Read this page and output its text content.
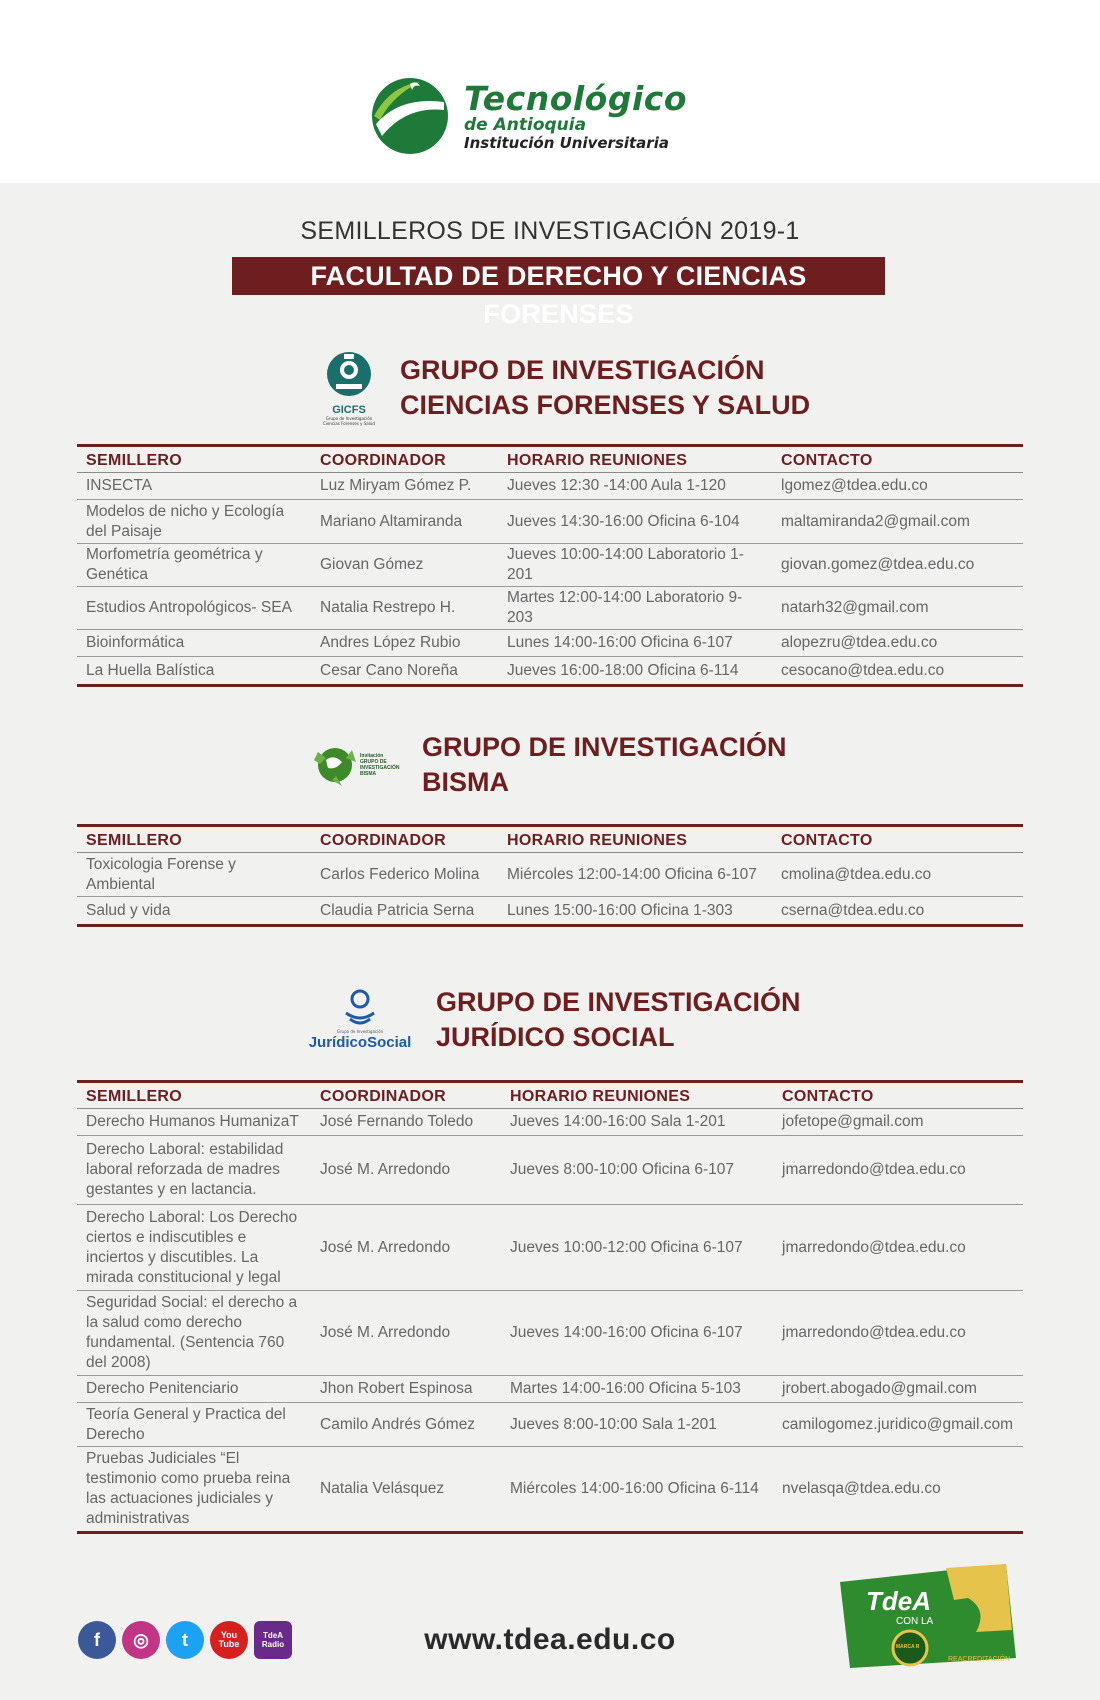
Tecnológico
de Antioquia
Institución Universitaria
SEMILLEROS DE INVESTIGACIÓN 2019-1
FACULTAD DE DERECHO Y CIENCIAS FORENSES
GICFS
Grupo de Investigación Ciencias Forenses y Salud
GRUPO DE INVESTIGACIÓN
CIENCIAS FORENSES Y SALUD
SEMILLERO	COORDINADOR	HORARIO REUNIONES	CONTACTO
INSECTA	Luz Miryam Gómez P.	Jueves 12:30 -14:00 Aula 1-120	lgomez@tdea.edu.co
Modelos de nicho y Ecología del Paisaje	Mariano Altamiranda	Jueves 14:30-16:00 Oficina 6-104	maltamiranda2@gmail.com
Morfometría geométrica y Genética	Giovan Gómez	Jueves 10:00-14:00 Laboratorio 1-201	giovan.gomez@tdea.edu.co
Estudios Antropológicos- SEA	Natalia Restrepo H.	Martes 12:00-14:00 Laboratorio 9-203	natarh32@gmail.com
Bioinformática	Andres López Rubio	Lunes 14:00-16:00 Oficina 6-107	alopezru@tdea.edu.co
La Huella Balística	Cesar Cano Noreña	Jueves 16:00-18:00 Oficina 6-114	cesocano@tdea.edu.co
Invitación GRUPO DE INVESTIGACIÓN BISMA
GRUPO DE INVESTIGACIÓN
BISMA
SEMILLERO	COORDINADOR	HORARIO REUNIONES	CONTACTO
Toxicologia Forense y Ambiental	Carlos Federico Molina	Miércoles 12:00-14:00 Oficina 6-107	cmolina@tdea.edu.co
Salud y vida	Claudia Patricia Serna	Lunes 15:00-16:00 Oficina 1-303	cserna@tdea.edu.co
Grupo de Investigación
JurídicoSocial
GRUPO DE INVESTIGACIÓN
JURÍDICO SOCIAL
SEMILLERO	COORDINADOR	HORARIO REUNIONES	CONTACTO
Derecho Humanos HumanizaT	José Fernando Toledo	Jueves 14:00-16:00 Sala 1-201	jofetope@gmail.com
Derecho Laboral: estabilidad laboral reforzada de madres gestantes y en lactancia.	José M. Arredondo	Jueves 8:00-10:00 Oficina 6-107	jmarredondo@tdea.edu.co
Derecho Laboral: Los Derecho ciertos e indiscutibles e inciertos y discutibles. La mirada constitucional y legal	José M. Arredondo	Jueves 10:00-12:00 Oficina 6-107	jmarredondo@tdea.edu.co
Seguridad Social: el derecho a la salud como derecho fundamental. (Sentencia 760 del 2008)	José M. Arredondo	Jueves 14:00-16:00 Oficina 6-107	jmarredondo@tdea.edu.co
Derecho Penitenciario	Jhon Robert Espinosa	Martes 14:00-16:00 Oficina 5-103	jrobert.abogado@gmail.com
Teoría General y Practica del Derecho	Camilo Andrés Gómez	Jueves 8:00-10:00 Sala 1-201	camilogomez.juridico@gmail.com
Pruebas Judiciales “El testimonio como prueba reina las actuaciones judiciales y administrativas	Natalia Velásquez	Miércoles 14:00-16:00 Oficina 6-114	nvelasqa@tdea.edu.co
f ◎ t	You Tube
TdeA Radio	www.tdea.edu.co
TdeA
CON LA
MARCA R
REACREDITACIÓN
